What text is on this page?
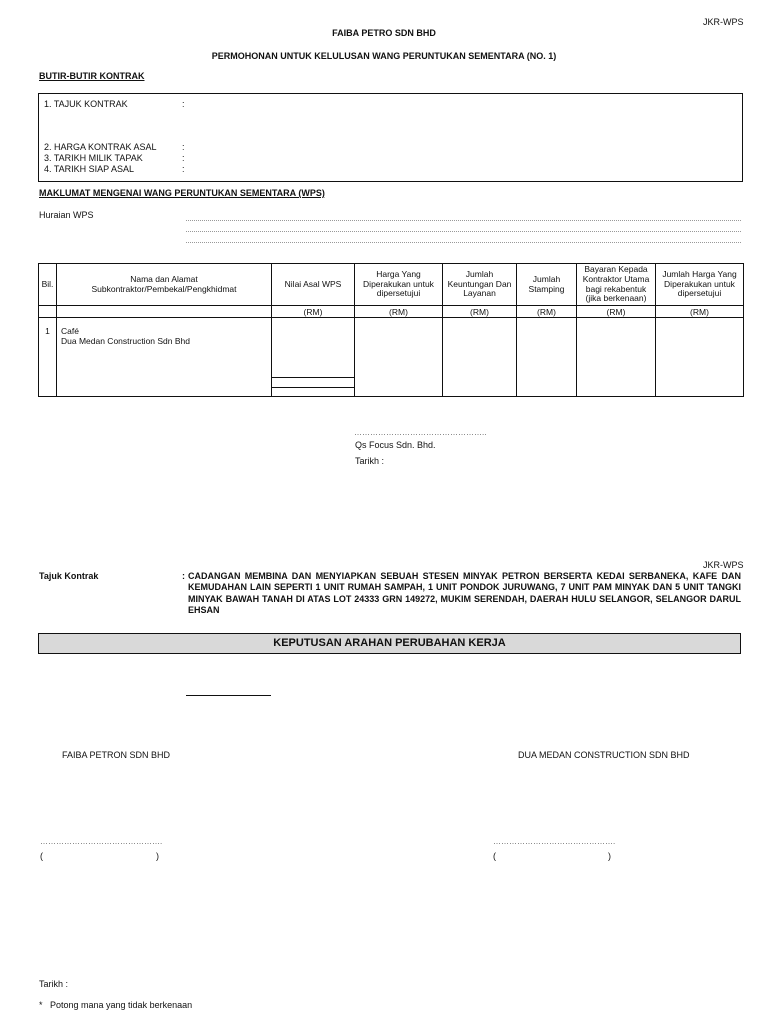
JKR-WPS
FAIBA PETRO SDN BHD
PERMOHONAN UNTUK KELULUSAN WANG PERUNTUKAN SEMENTARA (NO. 1)
BUTIR-BUTIR KONTRAK
1. TAJUK KONTRAK	:
2. HARGA KONTRAK ASAL	:
3. TARIKH MILIK TAPAK	:
4. TARIKH SIAP ASAL	:
MAKLUMAT MENGENAI WANG PERUNTUKAN SEMENTARA (WPS)
Huraian WPS
Bil.	Nama dan Alamat Subkontraktor/Pembekal/Pengkhidmat	Nilai Asal WPS	Harga Yang Diperakukan untuk dipersetujui	Jumlah Keuntungan Dan Layanan	Jumlah Stamping	Bayaran Kepada Kontraktor Utama bagi rekabentuk (jika berkenaan)	Jumlah Harga Yang Diperakukan untuk dipersetujui
		(RM)	(RM)	(RM)	(RM)	(RM)	(RM)
1	Café
Dua Medan Construction Sdn Bhd						

…………………………………………..
Qs Focus Sdn. Bhd.
Tarikh :
JKR-WPS
Tajuk Kontrak	: CADANGAN MEMBINA DAN MENYIAPKAN SEBUAH STESEN MINYAK PETRON BERSERTA KEDAI SERBANEKA, KAFE DAN KEMUDAHAN LAIN SEPERTI 1 UNIT RUMAH SAMPAH, 1 UNIT PONDOK JURUWANG, 7 UNIT PAM MINYAK DAN 5 UNIT TANGKI MINYAK BAWAH TANAH DI ATAS LOT 24333 GRN 149272, MUKIM SERENDAH, DAERAH HULU SELANGOR, SELANGOR DARUL EHSAN
KEPUTUSAN ARAHAN PERUBAHAN KERJA
FAIBA PETRON SDN BHD	DUA MEDAN CONSTRUCTION SDN BHD
……………………………………….
(	)
……………………………………….
(	)
Tarikh :
* Potong mana yang tidak berkenaan
